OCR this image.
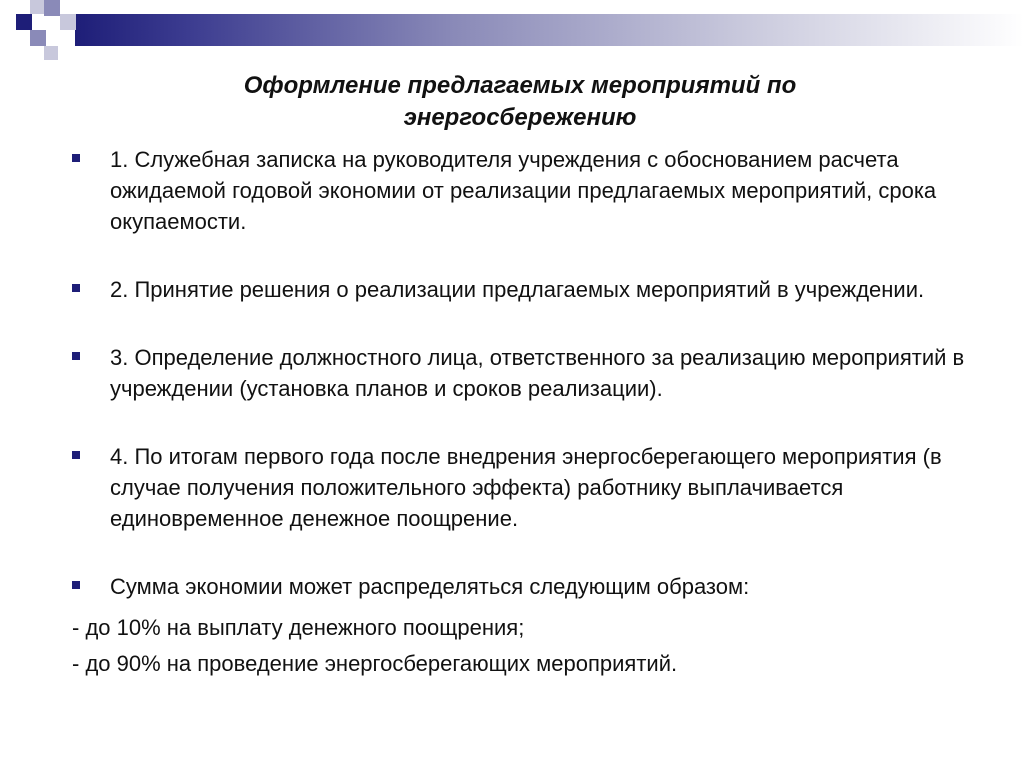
Оформление предлагаемых мероприятий по энергосбережению
1. Служебная записка на руководителя учреждения с обоснованием расчета ожидаемой годовой экономии от реализации предлагаемых мероприятий, срока окупаемости.
2. Принятие решения о реализации предлагаемых мероприятий в учреждении.
3. Определение должностного лица, ответственного за реализацию мероприятий в учреждении (установка планов и сроков реализации).
4. По итогам первого года после внедрения энергосберегающего мероприятия (в случае получения положительного эффекта) работнику выплачивается единовременное денежное поощрение.
Сумма экономии может распределяться следующим образом:
- до 10% на выплату денежного поощрения;
- до 90% на проведение энергосберегающих мероприятий.
